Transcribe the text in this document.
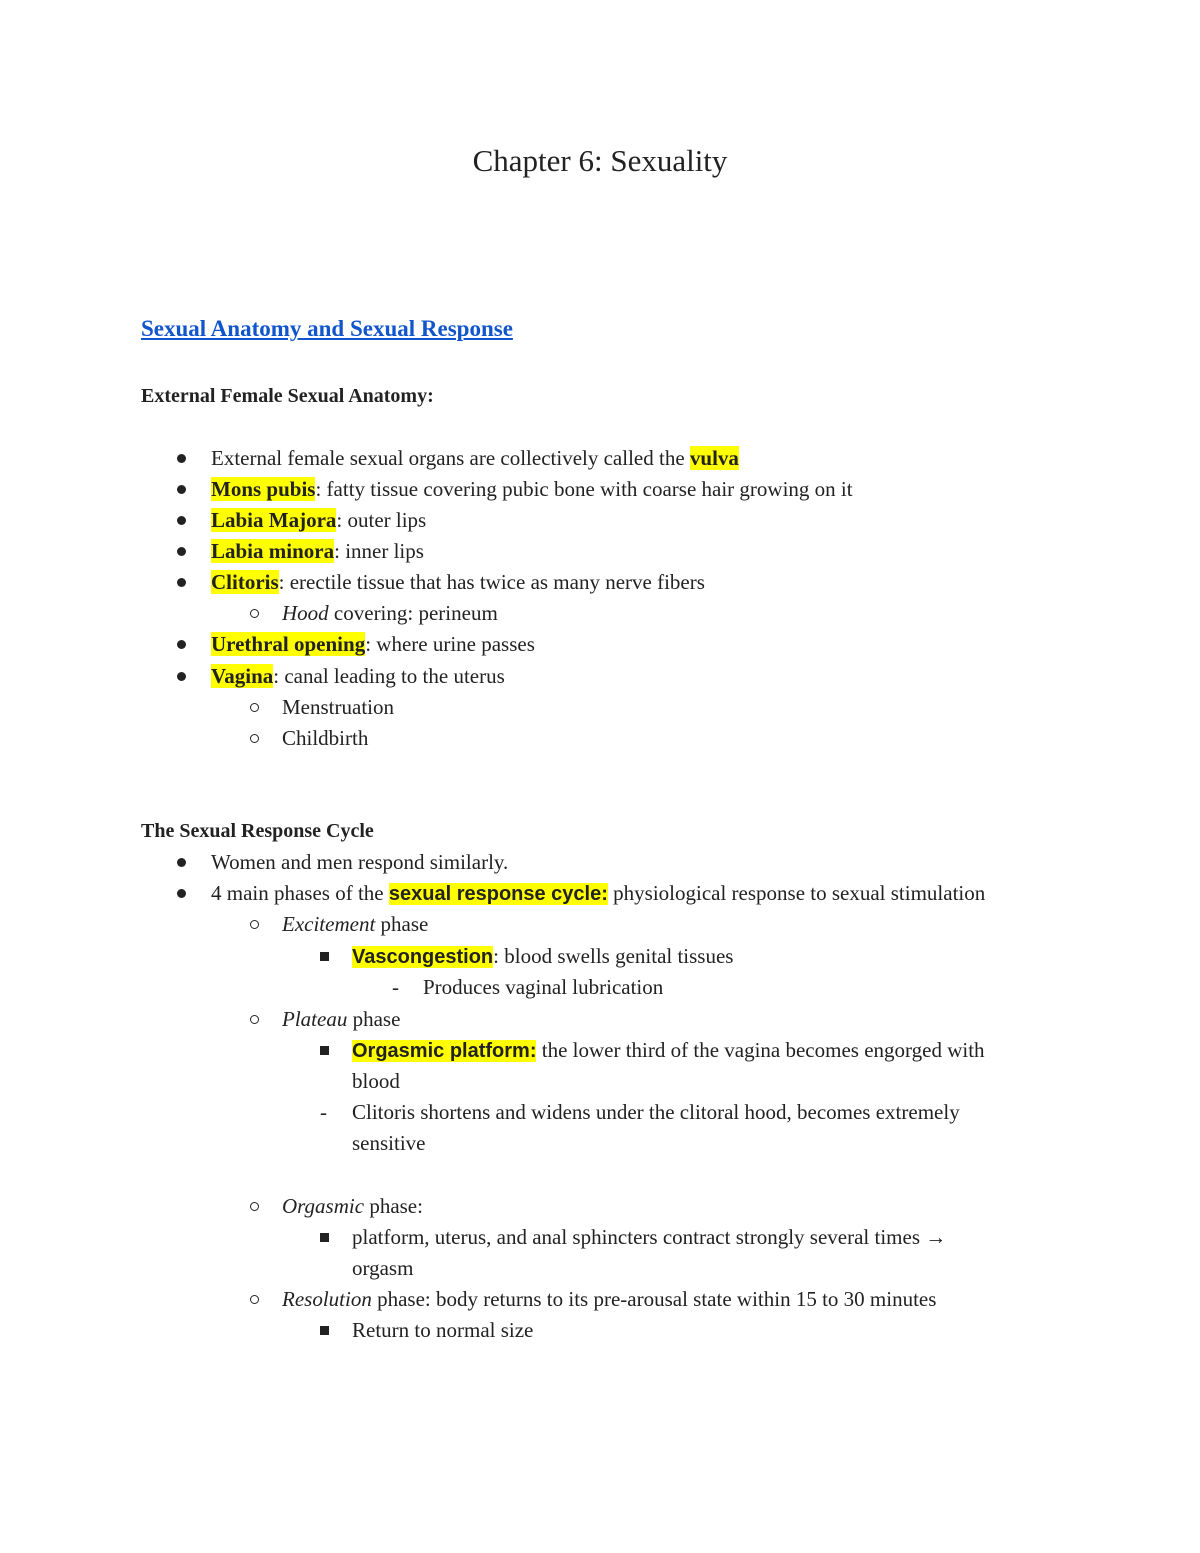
Chapter 6: Sexuality
Sexual Anatomy and Sexual Response
External Female Sexual Anatomy:
External female sexual organs are collectively called the vulva
Mons pubis: fatty tissue covering pubic bone with coarse hair growing on it
Labia Majora: outer lips
Labia minora: inner lips
Clitoris: erectile tissue that has twice as many nerve fibers
Hood covering: perineum
Urethral opening: where urine passes
Vagina: canal leading to the uterus
Menstruation
Childbirth
The Sexual Response Cycle
Women and men respond similarly.
4 main phases of the sexual response cycle: physiological response to sexual stimulation
Excitement phase
Vascongestion: blood swells genital tissues
- Produces vaginal lubrication
Plateau phase
Orgasmic platform: the lower third of the vagina becomes engorged with
blood
- Clitoris shortens and widens under the clitoral hood, becomes extremely
sensitive
Orgasmic phase:
platform, uterus, and anal sphincters contract strongly several times →
orgasm
Resolution phase: body returns to its pre-arousal state within 15 to 30 minutes
Return to normal size
